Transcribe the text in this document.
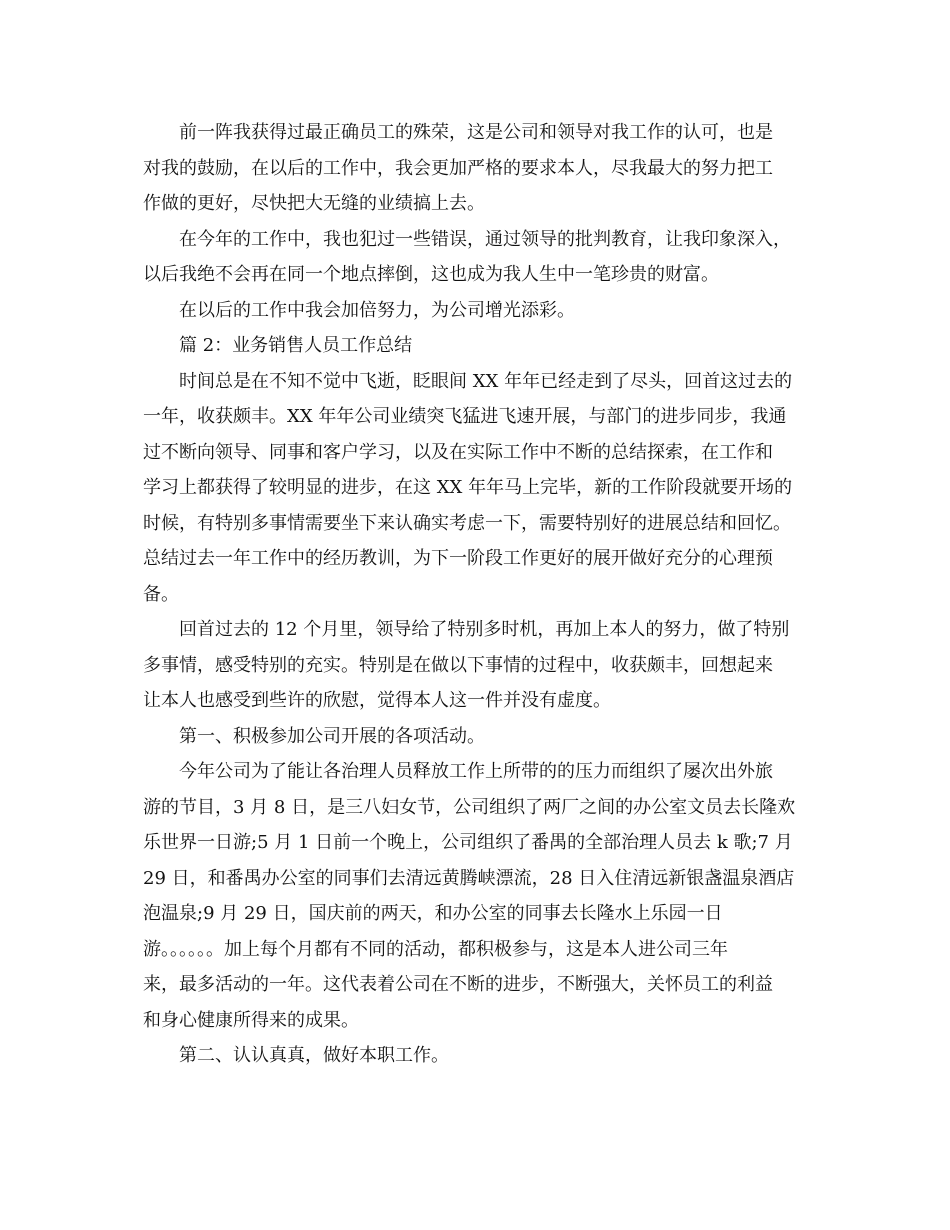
前一阵我获得过最正确员工的殊荣，这是公司和领导对我工作的认可，也是
对我的鼓励，在以后的工作中，我会更加严格的要求本人，尽我最大的努力把工
作做的更好，尽快把大无缝的业绩搞上去。

在今年的工作中，我也犯过一些错误，通过领导的批判教育，让我印象深入，
以后我绝不会再在同一个地点摔倒，这也成为我人生中一笔珍贵的财富。

在以后的工作中我会加倍努力，为公司增光添彩。

篇 2：业务销售人员工作总结

时间总是在不知不觉中飞逝，眨眼间 XX 年年已经走到了尽头，回首这过去的
一年，收获颇丰。XX 年年公司业绩突飞猛进飞速开展，与部门的进步同步，我通
过不断向领导、同事和客户学习，以及在实际工作中不断的总结探索，在工作和
学习上都获得了较明显的进步，在这 XX 年年马上完毕，新的工作阶段就要开场的
时候，有特别多事情需要坐下来认确实考虑一下，需要特别好的进展总结和回忆。
总结过去一年工作中的经历教训，为下一阶段工作更好的展开做好充分的心理预
备。

回首过去的 12 个月里，领导给了特别多时机，再加上本人的努力，做了特别
多事情，感受特别的充实。特别是在做以下事情的过程中，收获颇丰，回想起来
让本人也感受到些许的欣慰，觉得本人这一件并没有虚度。

第一、积极参加公司开展的各项活动。

今年公司为了能让各治理人员释放工作上所带的的压力而组织了屡次出外旅
游的节目，3 月 8 日，是三八妇女节，公司组织了两厂之间的办公室文员去长隆欢
乐世界一日游;5 月 1 日前一个晚上，公司组织了番禺的全部治理人员去 k 歌;7 月
29 日，和番禺办公室的同事们去清远黄腾峡漂流，28 日入住清远新银盏温泉酒店
泡温泉;9 月 29 日，国庆前的两天，和办公室的同事去长隆水上乐园一日
游。。。。。。加上每个月都有不同的活动，都积极参与，这是本人进公司三年
来，最多活动的一年。这代表着公司在不断的进步，不断强大，关怀员工的利益
和身心健康所得来的成果。

第二、认认真真，做好本职工作。
